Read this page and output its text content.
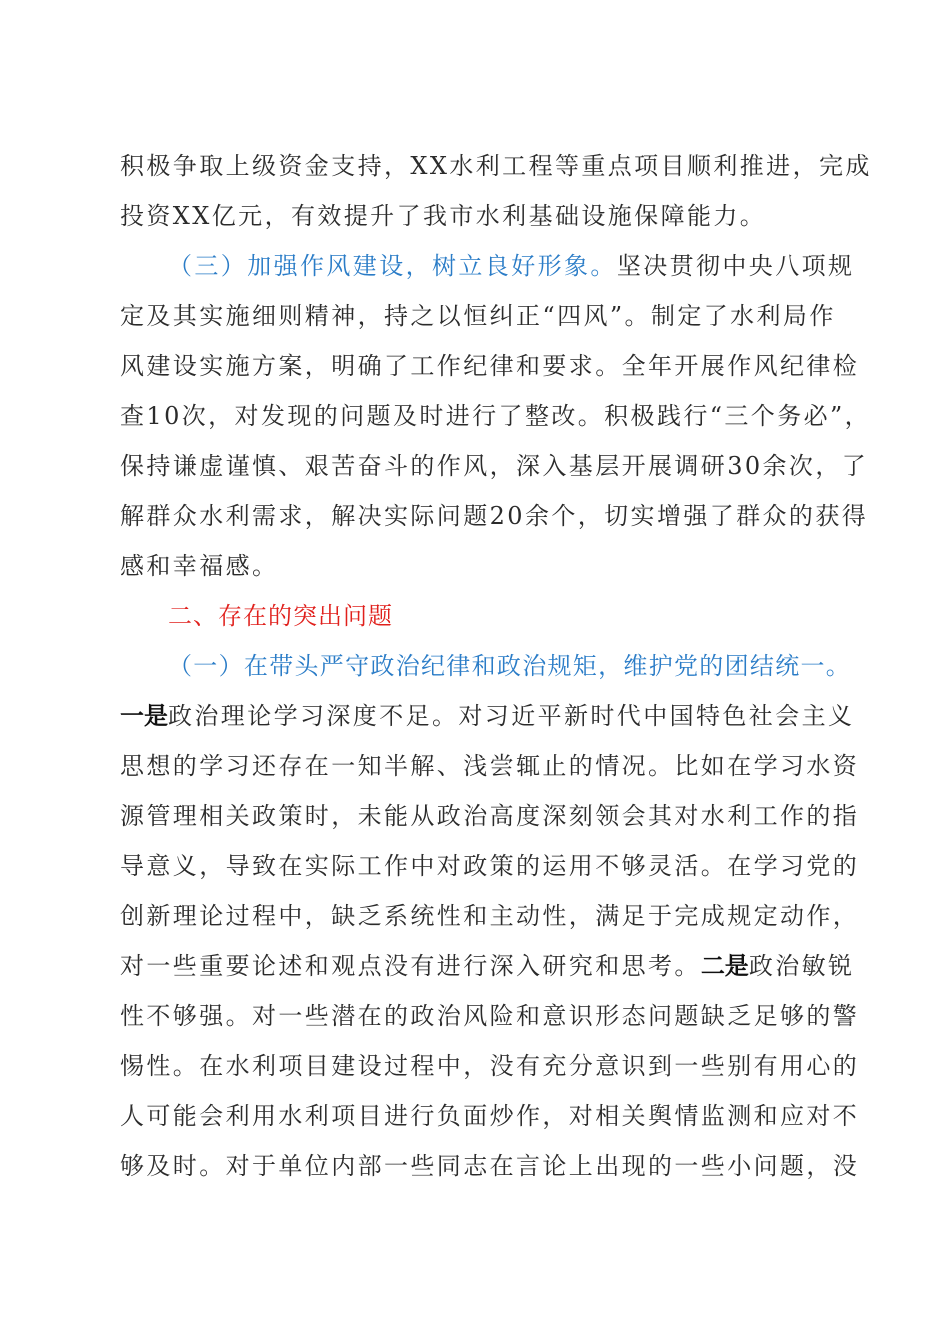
积极争取上级资金支持，XX水利工程等重点项目顺利推进，完成
投资XX亿元，有效提升了我市水利基础设施保障能力。
（三）加强作风建设，树立良好形象。坚决贯彻中央八项规
定及其实施细则精神，持之以恒纠正“四风”。制定了水利局作
风建设实施方案，明确了工作纪律和要求。全年开展作风纪律检
查10次，对发现的问题及时进行了整改。积极践行“三个务必”，
保持谦虚谨慎、艰苦奋斗的作风，深入基层开展调研30余次，了
解群众水利需求，解决实际问题20余个，切实增强了群众的获得
感和幸福感。
二、存在的突出问题
（一）在带头严守政治纪律和政治规矩，维护党的团结统一。
一是政治理论学习深度不足。对习近平新时代中国特色社会主义
思想的学习还存在一知半解、浅尝辄止的情况。比如在学习水资
源管理相关政策时，未能从政治高度深刻领会其对水利工作的指
导意义，导致在实际工作中对政策的运用不够灵活。在学习党的
创新理论过程中，缺乏系统性和主动性，满足于完成规定动作，
对一些重要论述和观点没有进行深入研究和思考。二是政治敏锐
性不够强。对一些潜在的政治风险和意识形态问题缺乏足够的警
惕性。在水利项目建设过程中，没有充分意识到一些别有用心的
人可能会利用水利项目进行负面炒作，对相关舆情监测和应对不
够及时。对于单位内部一些同志在言论上出现的一些小问题，没
